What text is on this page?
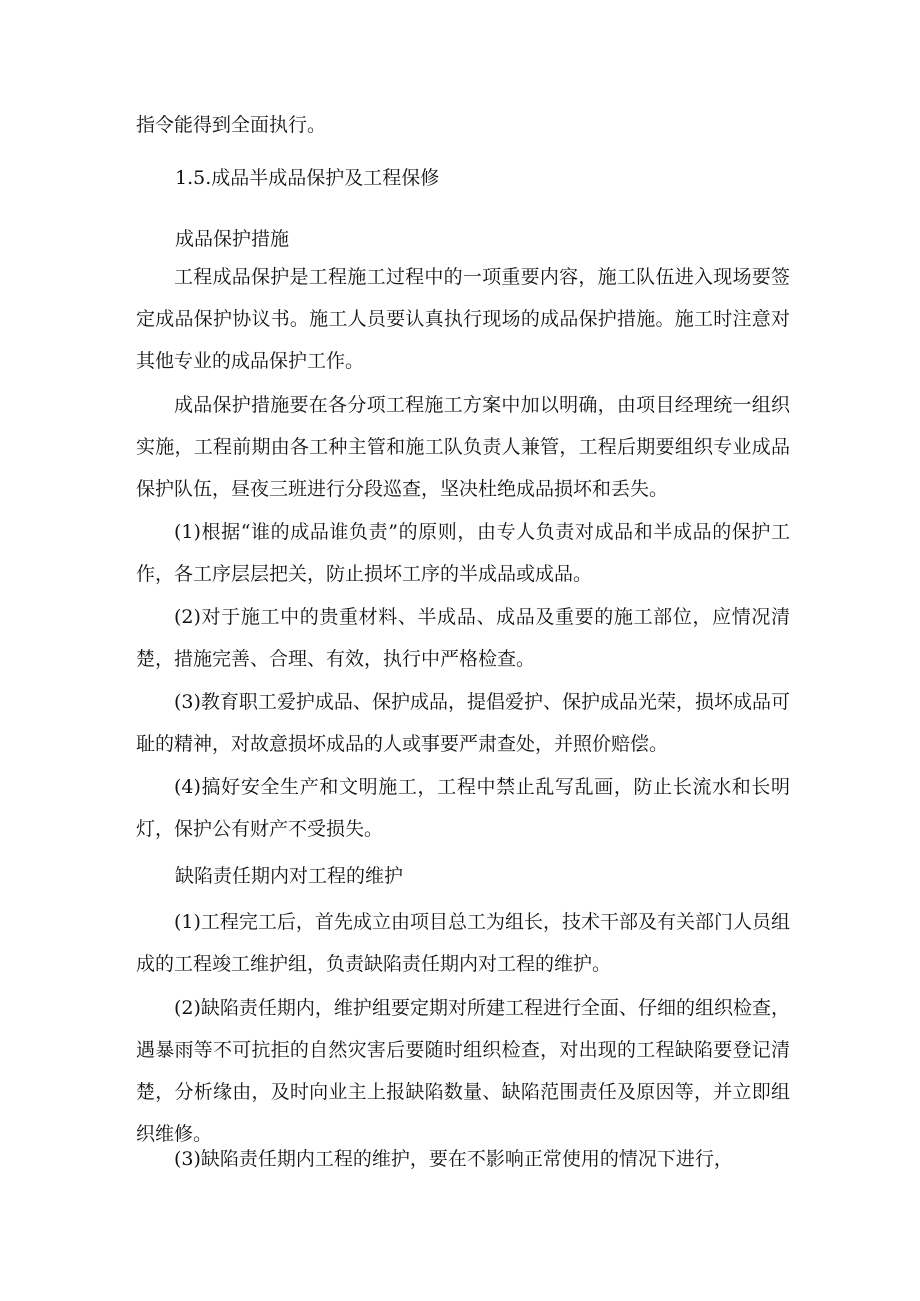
指令能得到全面执行。

1.5.成品半成品保护及工程保修

成品保护措施

工程成品保护是工程施工过程中的一项重要内容，施工队伍进入现场要签定成品保护协议书。施工人员要认真执行现场的成品保护措施。施工时注意对其他专业的成品保护工作。

成品保护措施要在各分项工程施工方案中加以明确，由项目经理统一组织实施，工程前期由各工种主管和施工队负责人兼管，工程后期要组织专业成品保护队伍，昼夜三班进行分段巡查，坚决杜绝成品损坏和丢失。

(1)根据“谁的成品谁负责”的原则，由专人负责对成品和半成品的保护工作，各工序层层把关，防止损坏工序的半成品或成品。

(2)对于施工中的贵重材料、半成品、成品及重要的施工部位，应情况清楚，措施完善、合理、有效，执行中严格检查。

(3)教育职工爱护成品、保护成品，提倡爱护、保护成品光荣，损坏成品可耻的精神，对故意损坏成品的人或事要严肃查处，并照价赔偿。

(4)搞好安全生产和文明施工，工程中禁止乱写乱画，防止长流水和长明灯，保护公有财产不受损失。

缺陷责任期内对工程的维护

(1)工程完工后，首先成立由项目总工为组长，技术干部及有关部门人员组成的工程竣工维护组，负责缺陷责任期内对工程的维护。

(2)缺陷责任期内，维护组要定期对所建工程进行全面、仔细的组织检查，遇暴雨等不可抗拒的自然灾害后要随时组织检查，对出现的工程缺陷要登记清楚，分析缘由，及时向业主上报缺陷数量、缺陷范围责任及原因等，并立即组织维修。

(3)缺陷责任期内工程的维护，要在不影响正常使用的情况下进行，
